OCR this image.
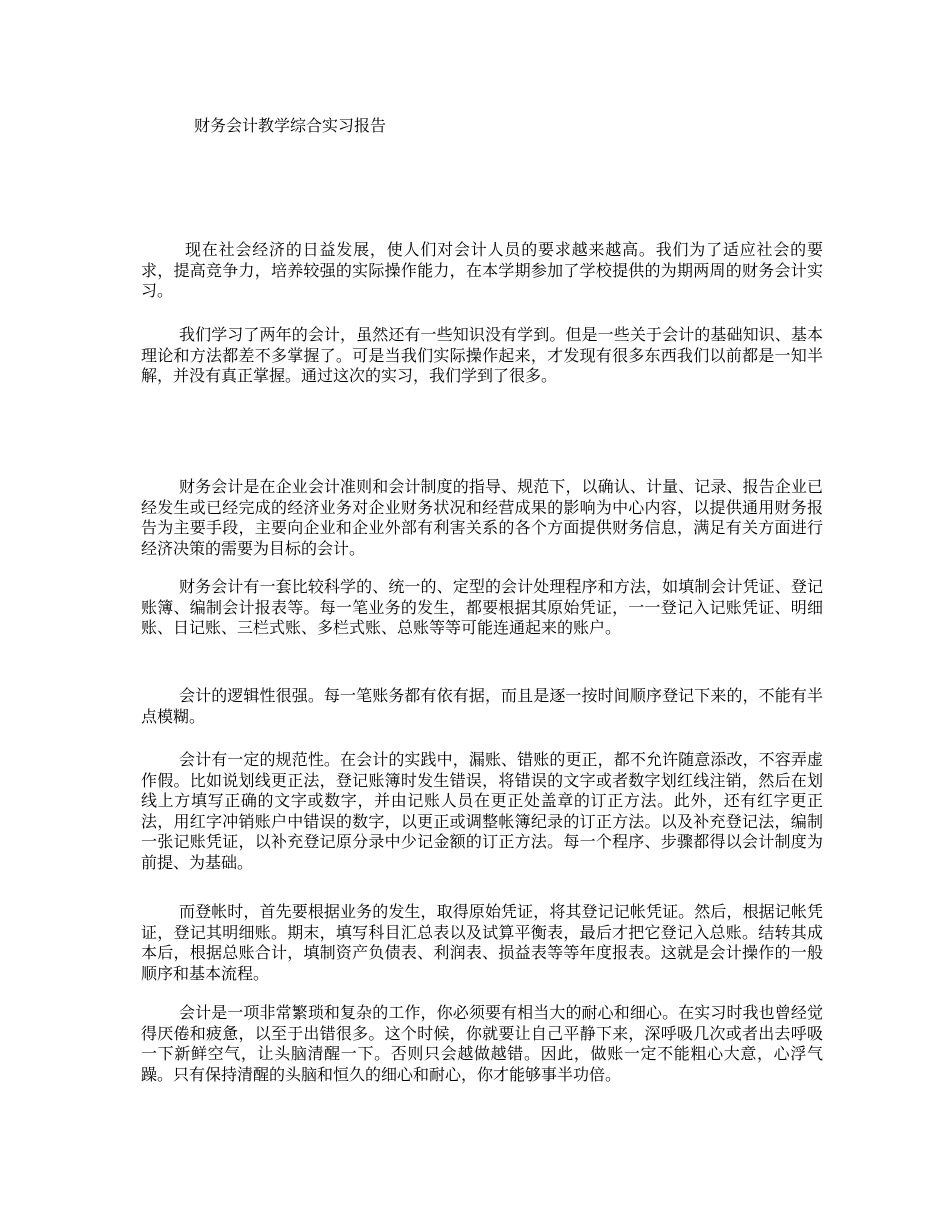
财务会计教学综合实习报告

现在社会经济的日益发展，使人们对会计人员的要求越来越高。我们为了适应社会的要求，提高竞争力，培养较强的实际操作能力，在本学期参加了学校提供的为期两周的财务会计实习。

我们学习了两年的会计，虽然还有一些知识没有学到。但是一些关于会计的基础知识、基本理论和方法都差不多掌握了。可是当我们实际操作起来，才发现有很多东西我们以前都是一知半解，并没有真正掌握。通过这次的实习，我们学到了很多。

财务会计是在企业会计准则和会计制度的指导、规范下，以确认、计量、记录、报告企业已经发生或已经完成的经济业务对企业财务状况和经营成果的影响为中心内容，以提供通用财务报告为主要手段，主要向企业和企业外部有利害关系的各个方面提供财务信息，满足有关方面进行经济决策的需要为目标的会计。

财务会计有一套比较科学的、统一的、定型的会计处理程序和方法，如填制会计凭证、登记账簿、编制会计报表等。每一笔业务的发生，都要根据其原始凭证，一一登记入记账凭证、明细账、日记账、三栏式账、多栏式账、总账等等可能连通起来的账户。

会计的逻辑性很强。每一笔账务都有依有据，而且是逐一按时间顺序登记下来的，不能有半点模糊。

会计有一定的规范性。在会计的实践中，漏账、错账的更正，都不允许随意添改，不容弄虚作假。比如说划线更正法，登记账簿时发生错误，将错误的文字或者数字划红线注销，然后在划线上方填写正确的文字或数字，并由记账人员在更正处盖章的订正方法。此外，还有红字更正法，用红字冲销账户中错误的数字，以更正或调整帐簿纪录的订正方法。以及补充登记法，编制一张记账凭证，以补充登记原分录中少记金额的订正方法。每一个程序、步骤都得以会计制度为前提、为基础。

而登帐时，首先要根据业务的发生，取得原始凭证，将其登记记帐凭证。然后，根据记帐凭证，登记其明细账。期末，填写科目汇总表以及试算平衡表，最后才把它登记入总账。结转其成本后，根据总账合计，填制资产负债表、利润表、损益表等等年度报表。这就是会计操作的一般顺序和基本流程。

会计是一项非常繁琐和复杂的工作，你必须要有相当大的耐心和细心。在实习时我也曾经觉得厌倦和疲惫，以至于出错很多。这个时候，你就要让自己平静下来，深呼吸几次或者出去呼吸一下新鲜空气，让头脑清醒一下。否则只会越做越错。因此，做账一定不能粗心大意，心浮气躁。只有保持清醒的头脑和恒久的细心和耐心，你才能够事半功倍。
